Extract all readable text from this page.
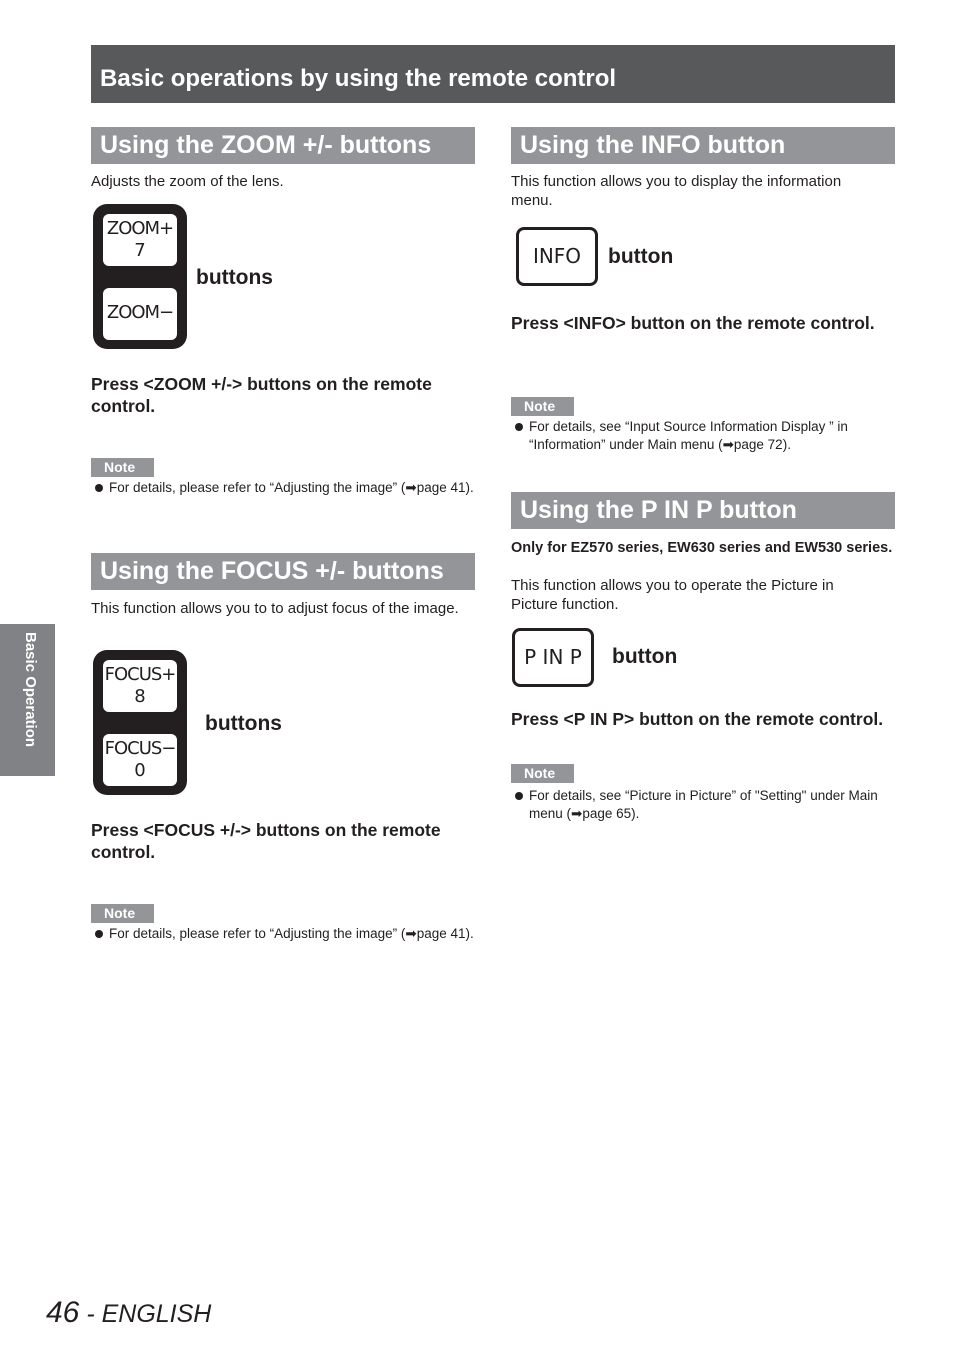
Basic operations by using the remote control
Basic Operation
Using the ZOOM +/- buttons
Adjusts the zoom of the lens.
ZOOM+
7
ZOOM−
buttons
Press <ZOOM +/-> buttons on the remote control.
Note
For details, please refer to “Adjusting the image” (➡page 41).
Using the FOCUS +/- buttons
This function allows you to to adjust focus of the image.
FOCUS+
8
FOCUS−
0
buttons
Press <FOCUS +/-> buttons on the remote control.
Note
For details, please refer to “Adjusting the image” (➡page 41).
Using the INFO button
This function allows you to display the information menu.
INFO	button
Press <INFO> button on the remote control.
Note
For details, see “Input Source Information Display ” in “Information” under Main menu (➡page 72).
Using the P IN P button
Only for EZ570 series, EW630 series and EW530 series.
This function allows you to operate the Picture in Picture function.
P IN P	button
Press <P IN P> button on the remote control.
Note
For details, see “Picture in Picture” of "Setting" under Main menu (➡page 65).
46 - ENGLISH
